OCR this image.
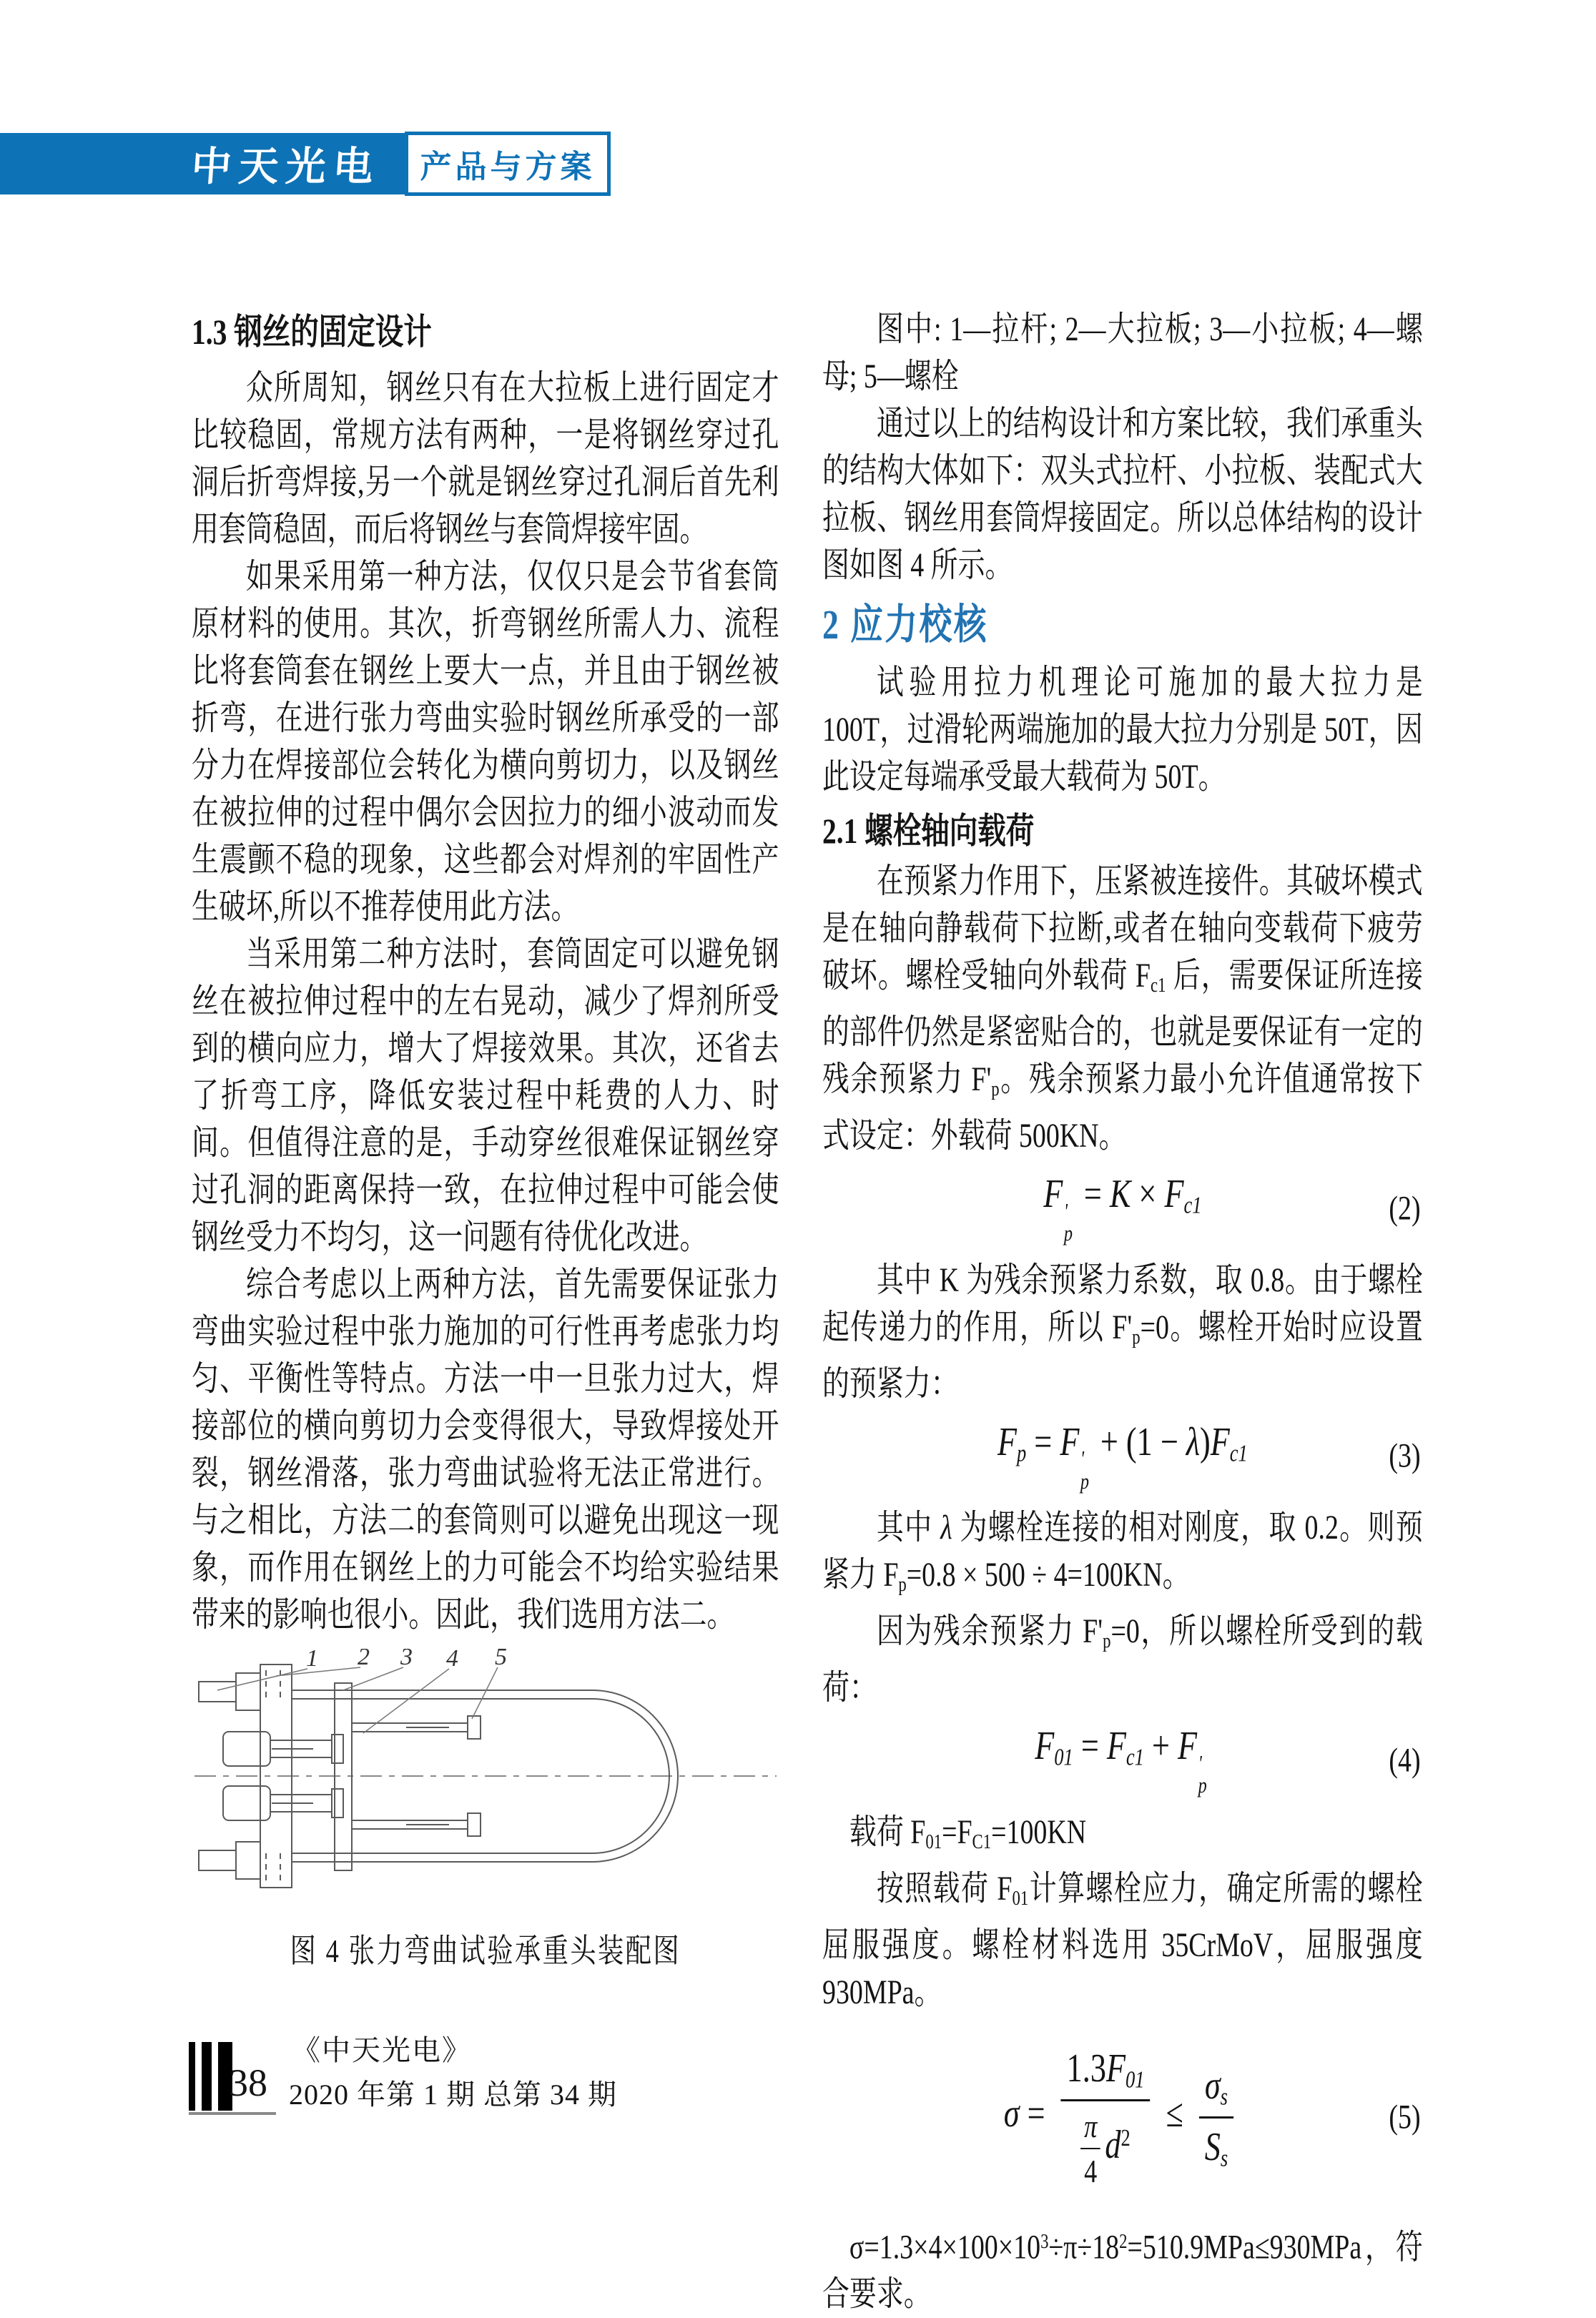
中天光电 产品与方案
1.3 钢丝的固定设计

众所周知，钢丝只有在大拉板上进行固定才比较稳固，常规方法有两种，一是将钢丝穿过孔洞后折弯焊接,另一个就是钢丝穿过孔洞后首先利用套筒稳固，而后将钢丝与套筒焊接牢固。

如果采用第一种方法，仅仅只是会节省套筒原材料的使用。其次，折弯钢丝所需人力、流程比将套筒套在钢丝上要大一点，并且由于钢丝被折弯，在进行张力弯曲实验时钢丝所承受的一部分力在焊接部位会转化为横向剪切力，以及钢丝在被拉伸的过程中偶尔会因拉力的细小波动而发生震颤不稳的现象，这些都会对焊剂的牢固性产生破坏,所以不推荐使用此方法。

当采用第二种方法时，套筒固定可以避免钢丝在被拉伸过程中的左右晃动，减少了焊剂所受到的横向应力，增大了焊接效果。其次，还省去了折弯工序，降低安装过程中耗费的人力、时间。但值得注意的是，手动穿丝很难保证钢丝穿过孔洞的距离保持一致，在拉伸过程中可能会使钢丝受力不均匀，这一问题有待优化改进。

综合考虑以上两种方法，首先需要保证张力弯曲实验过程中张力施加的可行性再考虑张力均匀、平衡性等特点。方法一中一旦张力过大，焊接部位的横向剪切力会变得很大，导致焊接处开裂，钢丝滑落，张力弯曲试验将无法正常进行。与之相比，方法二的套筒则可以避免出现这一现象，而作用在钢丝上的力可能会不均给实验结果带来的影响也很小。因此，我们选用方法二。

1 2 3 4 5
图 4 张力弯曲试验承重头装配图

图中: 1—拉杆; 2—大拉板; 3—小拉板; 4—螺母; 5—螺栓

通过以上的结构设计和方案比较，我们承重头的结构大体如下：双头式拉杆、小拉板、装配式大拉板、钢丝用套筒焊接固定。所以总体结构的设计图如图 4 所示。

2 应力校核

试验用拉力机理论可施加的最大拉力是 100T，过滑轮两端施加的最大拉力分别是 50T，因此设定每端承受最大载荷为 50T。

2.1 螺栓轴向载荷

在预紧力作用下，压紧被连接件。其破坏模式是在轴向静载荷下拉断,或者在轴向变载荷下疲劳破坏。螺栓受轴向外载荷 $F_{c1}$ 后，需要保证所连接的部件仍然是紧密贴合的，也就是要保证有一定的残余预紧力 $F'_p$。残余预紧力最小允许值通常按下式设定：外载荷 500KN。

F '
p
= $K \times F_{c1}$	(2)

其中 K 为残余预紧力系数，取 0.8。由于螺栓起传递力的作用，所以 $F'_p=0$。螺栓开始时应设置的预紧力：

$F_p = F$ '
p
+ $(1 - \lambda)F_{c1}$	(3)

其中 λ 为螺栓连接的相对刚度，取 0.2。则预紧力 $F_p=0.8 \times 500 \div 4=100KN$。

因为残余预紧力 $F'_p=0$，所以螺栓所受到的载荷：

$F_{01} = F_{c1} + F$ '
p
(4)

载荷 $F_{01}=F_{C1}=100KN$

按照载荷 $F_{01}$计算螺栓应力，确定所需的螺栓屈服强度。螺栓材料选用 35CrMoV，屈服强度 930MPa。

$\sigma = \frac{1.3F_{01}}{\frac{\pi}{4} d^2} \le \frac{\sigma_s}{S_s}$	(5)

$\sigma=1.3\times 4\times 100\times 10^3\div\pi\div 18^2=510.9MPa\le 930MPa$，符合要求。

38
《中天光电》
2020 年第 1 期 总第 34 期
